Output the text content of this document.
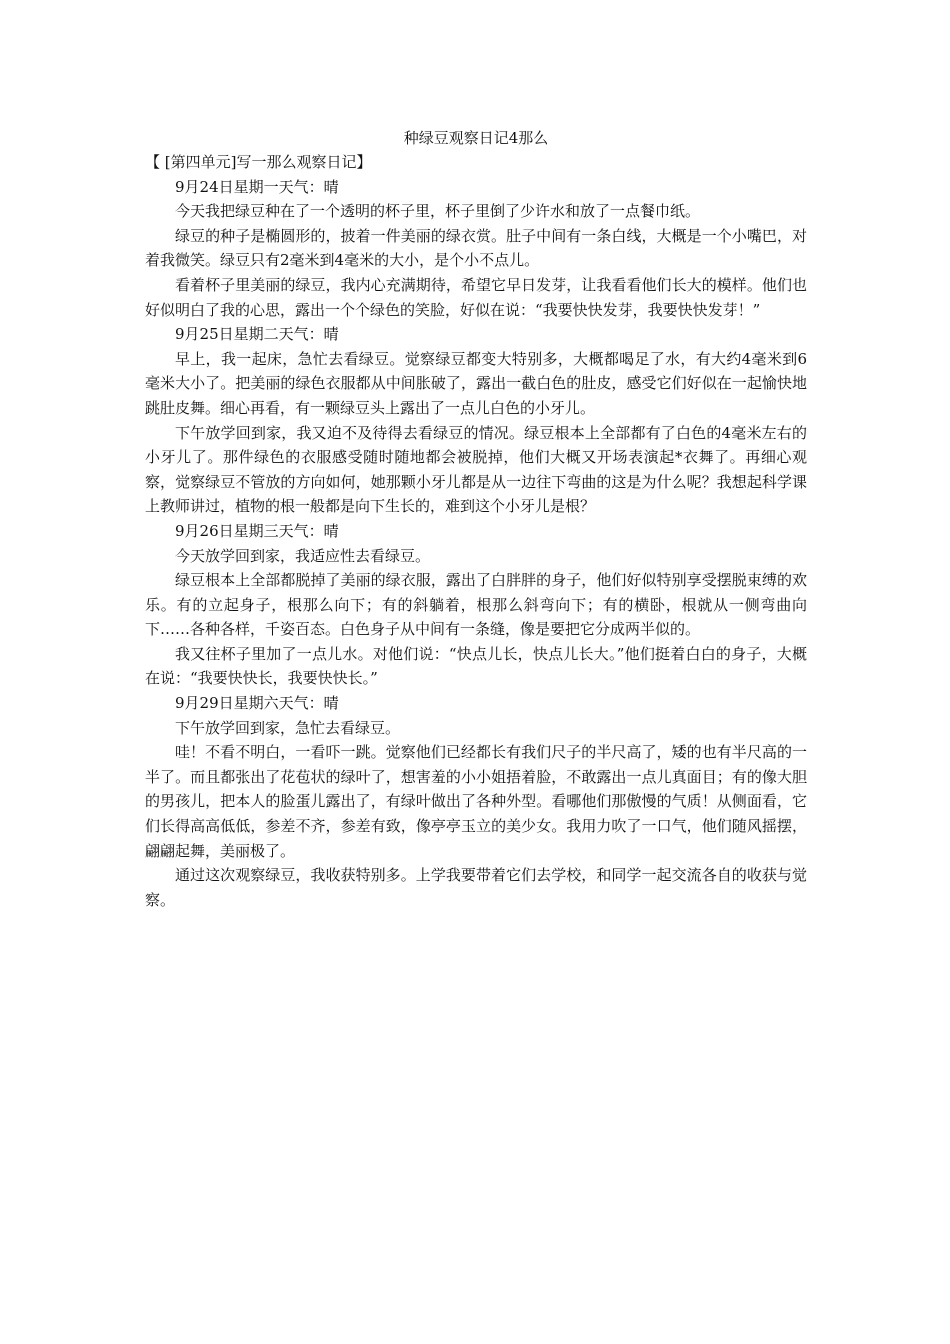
种绿豆观察日记4那么

【 [第四单元]写一那么观察日记】

9月24日星期一天气：晴

今天我把绿豆种在了一个透明的杯子里，杯子里倒了少许水和放了一点餐巾纸。

绿豆的种子是椭圆形的，披着一件美丽的绿衣赏。肚子中间有一条白线，大概是一个小嘴巴，对着我微笑。绿豆只有2毫米到4毫米的大小，是个小不点儿。

看着杯子里美丽的绿豆，我内心充满期待，希望它早日发芽，让我看看他们长大的模样。他们也好似明白了我的心思，露出一个个绿色的笑脸，好似在说：“我要快快发芽，我要快快发芽！”

9月25日星期二天气：晴

早上，我一起床，急忙去看绿豆。觉察绿豆都变大特别多，大概都喝足了水，有大约4毫米到6毫米大小了。把美丽的绿色衣服都从中间胀破了，露出一截白色的肚皮，感受它们好似在一起愉快地跳肚皮舞。细心再看，有一颗绿豆头上露出了一点儿白色的小牙儿。

下午放学回到家，我又迫不及待得去看绿豆的情况。绿豆根本上全部都有了白色的4毫米左右的小牙儿了。那件绿色的衣服感受随时随地都会被脱掉，他们大概又开场表演起*衣舞了。再细心观察，觉察绿豆不管放的方向如何，她那颗小牙儿都是从一边往下弯曲的这是为什么呢？我想起科学课上教师讲过，植物的根一般都是向下生长的，难到这个小牙儿是根？

9月26日星期三天气：晴

今天放学回到家，我适应性去看绿豆。

绿豆根本上全部都脱掉了美丽的绿衣服，露出了白胖胖的身子，他们好似特别享受摆脱束缚的欢乐。有的立起身子，根那么向下；有的斜躺着，根那么斜弯向下；有的横卧，根就从一侧弯曲向下……各种各样，千姿百态。白色身子从中间有一条缝，像是要把它分成两半似的。

我又往杯子里加了一点儿水。对他们说：“快点儿长，快点儿长大。”他们挺着白白的身子，大概在说：“我要快快长，我要快快长。”

9月29日星期六天气：晴

下午放学回到家，急忙去看绿豆。

哇！不看不明白，一看吓一跳。觉察他们已经都长有我们尺子的半尺高了，矮的也有半尺高的一半了。而且都张出了花苞状的绿叶了，想害羞的小小姐捂着脸，不敢露出一点儿真面目；有的像大胆的男孩儿，把本人的脸蛋儿露出了，有绿叶做出了各种外型。看哪他们那傲慢的气质！从侧面看，它们长得高高低低，参差不齐，参差有致，像亭亭玉立的美少女。我用力吹了一口气，他们随风摇摆，翩翩起舞，美丽极了。

通过这次观察绿豆，我收获特别多。上学我要带着它们去学校，和同学一起交流各自的收获与觉察。
